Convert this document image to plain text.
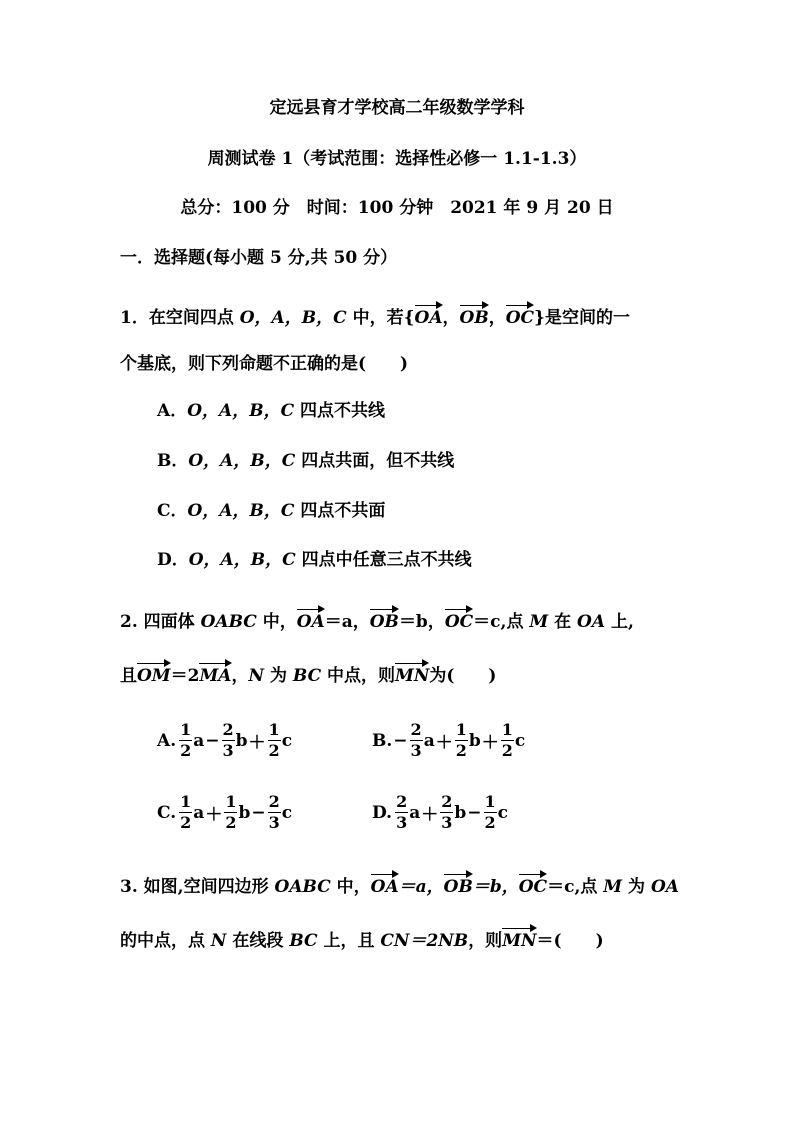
定远县育才学校高二年级数学学科
周测试卷 1（考试范围：选择性必修一 1.1-1.3）
总分：100 分　时间：100 分钟　2021 年 9 月 20 日
一．选择题(每小题 5 分,共 50 分）
1．在空间四点 O，A，B，C 中，若{OA，OB，OC}是空间的一
个基底，则下列命题不正确的是(　　)
A．O，A，B，C 四点不共线
B．O，A，B，C 四点共面，但不共线
C．O，A，B，C 四点不共面
D．O，A，B，C 四点中任意三点不共线
2. 四面体 OABC 中，OA＝a，OB＝b，OC＝c,点 M 在 OA 上,
且OM＝2MA，N 为 BC 中点，则MN为(　　)
A. $\frac{1}{2}$ $a - \frac{2}{3}$ $b + \frac{1}{2}$ c	B. − $\frac{2}{3}$ $a + \frac{1}{2}$ $b + \frac{1}{2}$ c
C. $\frac{1}{2}$ $a + \frac{1}{2}$ $b - \frac{2}{3}$ c	D. $\frac{2}{3}$ $a + \frac{2}{3}$ $b - \frac{1}{2}$ c
3. 如图,空间四边形 OABC 中，OA＝a，OB＝b，OC＝c,点 M 为 OA
的中点，点 N 在线段 BC 上，且 CN＝2NB，则MN＝(　　)
